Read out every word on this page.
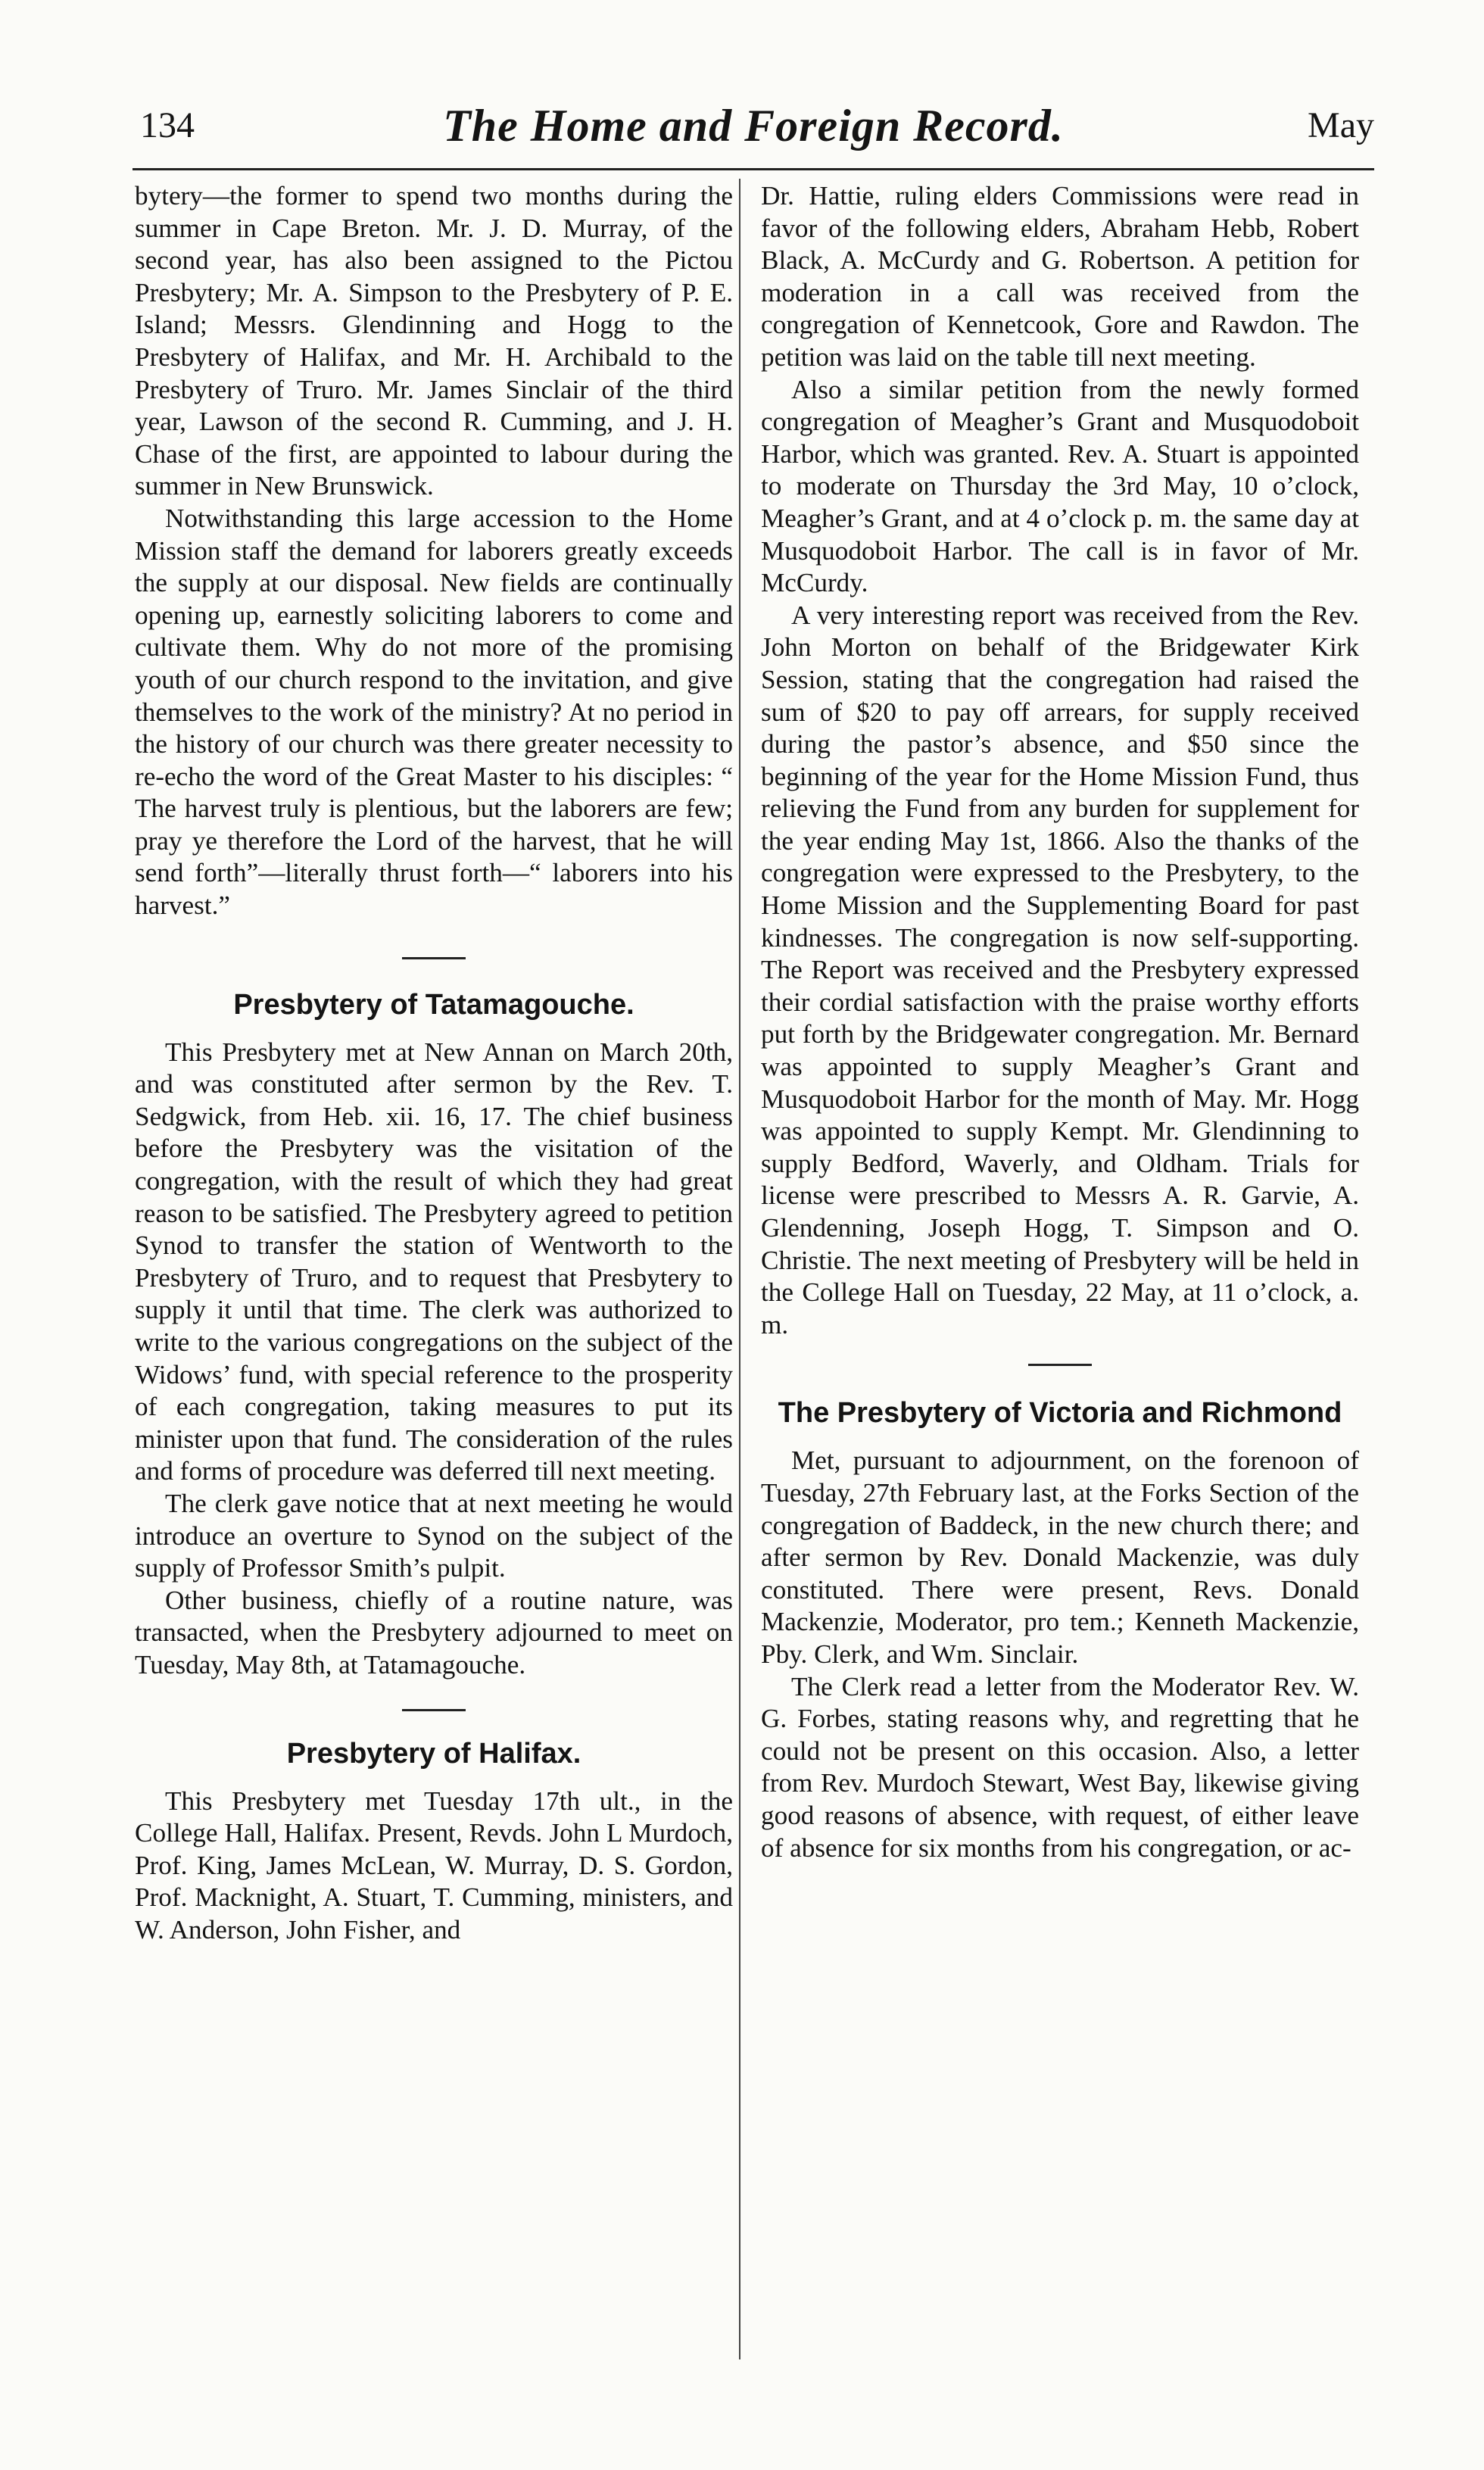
134	The Home and Foreign Record.	May

bytery—the former to spend two months during the summer in Cape Breton. Mr. J. D. Murray, of the second year, has also been assigned to the Pictou Presbytery; Mr. A. Simpson to the Presbytery of P. E. Island; Messrs. Glendinning and Hogg to the Presbytery of Halifax, and Mr. H. Archibald to the Presbytery of Truro. Mr. James Sinclair of the third year, Lawson of the second R. Cumming, and J. H. Chase of the first, are appointed to labour during the summer in New Brunswick.

Notwithstanding this large accession to the Home Mission staff the demand for laborers greatly exceeds the supply at our disposal. New fields are continually opening up, earnestly soliciting laborers to come and cultivate them. Why do not more of the promising youth of our church respond to the invitation, and give themselves to the work of the ministry? At no period in the history of our church was there greater necessity to re-echo the word of the Great Master to his disciples: “ The harvest truly is plentious, but the laborers are few; pray ye therefore the Lord of the harvest, that he will send forth”—literally thrust forth—“ laborers into his harvest.”

Presbytery of Tatamagouche.

This Presbytery met at New Annan on March 20th, and was constituted after sermon by the Rev. T. Sedgwick, from Heb. xii. 16, 17. The chief business before the Presbytery was the visitation of the congregation, with the result of which they had great reason to be satisfied. The Presbytery agreed to petition Synod to transfer the station of Wentworth to the Presbytery of Truro, and to request that Presbytery to supply it until that time. The clerk was authorized to write to the various congregations on the subject of the Widows’ fund, with special reference to the prosperity of each congregation, taking measures to put its minister upon that fund. The consideration of the rules and forms of procedure was deferred till next meeting.

The clerk gave notice that at next meeting he would introduce an overture to Synod on the subject of the supply of Professor Smith’s pulpit.

Other business, chiefly of a routine nature, was transacted, when the Presbytery adjourned to meet on Tuesday, May 8th, at Tatamagouche.

Presbytery of Halifax.

This Presbytery met Tuesday 17th ult., in the College Hall, Halifax. Present, Revds. John L Murdoch, Prof. King, James McLean, W. Murray, D. S. Gordon, Prof. Macknight, A. Stuart, T. Cumming, ministers, and W. Anderson, John Fisher, and

Dr. Hattie, ruling elders Commissions were read in favor of the following elders, Abraham Hebb, Robert Black, A. McCurdy and G. Robertson. A petition for moderation in a call was received from the congregation of Kennetcook, Gore and Rawdon. The petition was laid on the table till next meeting.

Also a similar petition from the newly formed congregation of Meagher’s Grant and Musquodoboit Harbor, which was granted. Rev. A. Stuart is appointed to moderate on Thursday the 3rd May, 10 o’clock, Meagher’s Grant, and at 4 o’clock p. m. the same day at Musquodoboit Harbor. The call is in favor of Mr. McCurdy.

A very interesting report was received from the Rev. John Morton on behalf of the Bridgewater Kirk Session, stating that the congregation had raised the sum of $20 to pay off arrears, for supply received during the pastor’s absence, and $50 since the beginning of the year for the Home Mission Fund, thus relieving the Fund from any burden for supplement for the year ending May 1st, 1866. Also the thanks of the congregation were expressed to the Presbytery, to the Home Mission and the Supplementing Board for past kindnesses. The congregation is now self-supporting. The Report was received and the Presbytery expressed their cordial satisfaction with the praise worthy efforts put forth by the Bridgewater congregation. Mr. Bernard was appointed to supply Meagher’s Grant and Musquodoboit Harbor for the month of May. Mr. Hogg was appointed to supply Kempt. Mr. Glendinning to supply Bedford, Waverly, and Oldham. Trials for license were prescribed to Messrs A. R. Garvie, A. Glendenning, Joseph Hogg, T. Simpson and O. Christie. The next meeting of Presbytery will be held in the College Hall on Tuesday, 22 May, at 11 o’clock, a. m.

The Presbytery of Victoria and Richmond

Met, pursuant to adjournment, on the forenoon of Tuesday, 27th February last, at the Forks Section of the congregation of Baddeck, in the new church there; and after sermon by Rev. Donald Mackenzie, was duly constituted. There were present, Revs. Donald Mackenzie, Moderator, pro tem.; Kenneth Mackenzie, Pby. Clerk, and Wm. Sinclair.

The Clerk read a letter from the Moderator Rev. W. G. Forbes, stating reasons why, and regretting that he could not be present on this occasion. Also, a letter from Rev. Murdoch Stewart, West Bay, likewise giving good reasons of absence, with request, of either leave of absence for six months from his congregation, or ac-
